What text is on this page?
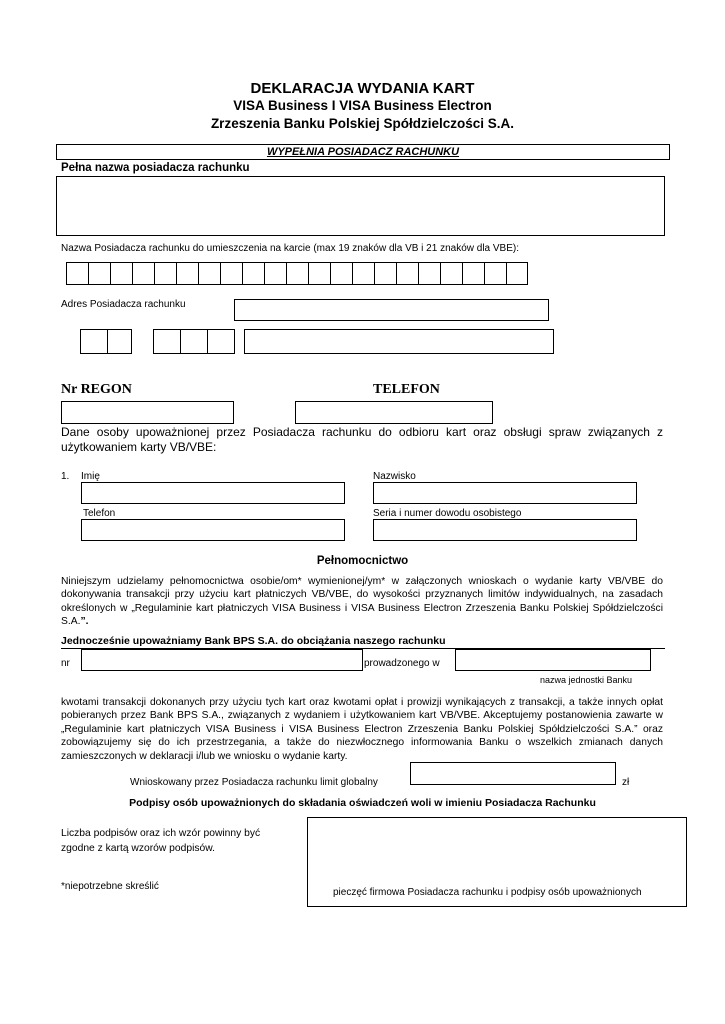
DEKLARACJA WYDANIA KART
VISA Business I VISA Business Electron
Zrzeszenia Banku Polskiej Spółdzielczości S.A.
WYPEŁNIA POSIADACZ RACHUNKU
Pełna nazwa posiadacza rachunku
Nazwa Posiadacza rachunku do umieszczenia na karcie (max 19 znaków dla VB i 21 znaków dla VBE):
Adres Posiadacza rachunku
Nr REGON	TELEFON
Dane osoby upoważnionej przez Posiadacza rachunku do odbioru kart oraz obsługi spraw związanych z użytkowaniem karty VB/VBE:
1. Imię	Nazwisko
Telefon	Seria i numer dowodu osobistego
Pełnomocnictwo
Niniejszym udzielamy pełnomocnictwa osobie/om* wymienionej/ym* w załączonych wnioskach o wydanie karty VB/VBE do dokonywania transakcji przy użyciu kart płatniczych VB/VBE, do wysokości przyznanych limitów indywidualnych, na zasadach określonych w „Regulaminie kart płatniczych VISA Business i VISA Business Electron Zrzeszenia Banku Polskiej Spółdzielczości S.A.”.
Jednocześnie upoważniamy Bank BPS S.A. do obciążania naszego rachunku
nr	prowadzonego w
nazwa jednostki Banku
kwotami transakcji dokonanych przy użyciu tych kart oraz kwotami opłat i prowizji wynikających z transakcji, a także innych opłat pobieranych przez Bank BPS S.A., związanych z wydaniem i użytkowaniem kart VB/VBE. Akceptujemy postanowienia zawarte w „Regulaminie kart płatniczych VISA Business i VISA Business Electron Zrzeszenia Banku Polskiej Spółdzielczości S.A.” oraz zobowiązujemy się do ich przestrzegania, a także do niezwłocznego informowania Banku o wszelkich zmianach danych zamieszczonych w deklaracji i/lub we wniosku o wydanie karty.
Wnioskowany przez Posiadacza rachunku limit globalny	zł
Podpisy osób upoważnionych do składania oświadczeń woli w imieniu Posiadacza Rachunku
Liczba podpisów oraz ich wzór powinny być zgodne z kartą wzorów podpisów.
*niepotrzebne skreślić
pieczęć firmowa Posiadacza rachunku i podpisy osób upoważnionych
